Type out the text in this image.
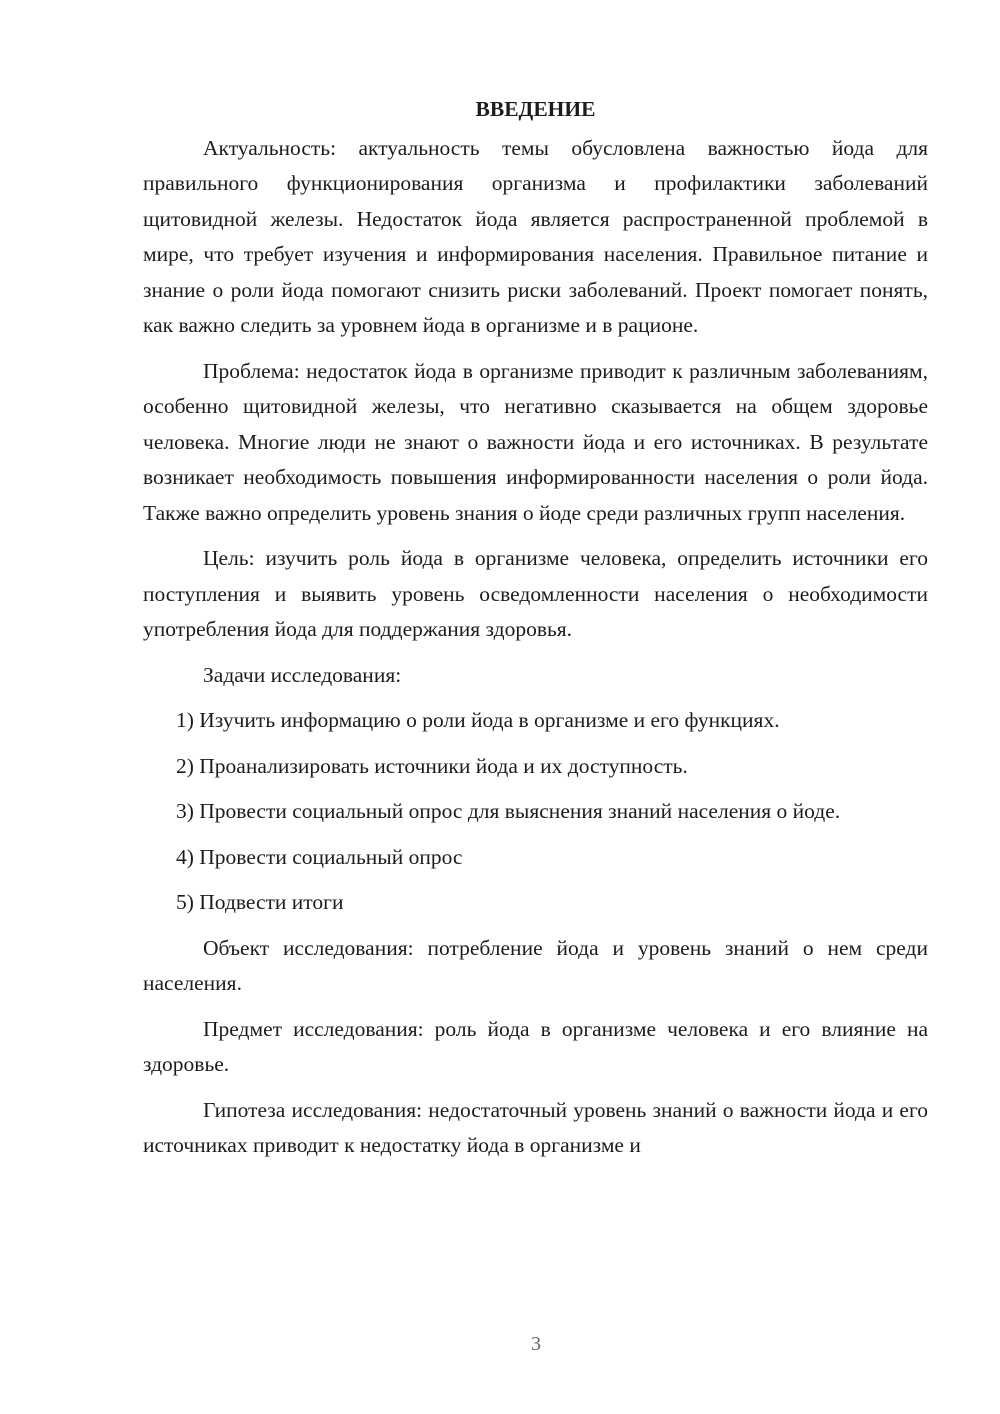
ВВЕДЕНИЕ

Актуальность: актуальность темы обусловлена важностью йода для правильного функционирования организма и профилактики заболеваний щитовидной железы. Недостаток йода является распространенной проблемой в мире, что требует изучения и информирования населения. Правильное питание и знание о роли йода помогают снизить риски заболеваний. Проект помогает понять, как важно следить за уровнем йода в организме и в рационе.

Проблема: недостаток йода в организме приводит к различным заболеваниям, особенно щитовидной железы, что негативно сказывается на общем здоровье человека. Многие люди не знают о важности йода и его источниках. В результате возникает необходимость повышения информированности населения о роли йода. Также важно определить уровень знания о йоде среди различных групп населения.

Цель: изучить роль йода в организме человека, определить источники его поступления и выявить уровень осведомленности населения о необходимости употребления йода для поддержания здоровья.

Задачи исследования:

1) Изучить информацию о роли йода в организме и его функциях.

2) Проанализировать источники йода и их доступность.

3) Провести социальный опрос для выяснения знаний населения о йоде.

4) Провести социальный опрос

5) Подвести итоги

Объект исследования: потребление йода и уровень знаний о нем среди населения.

Предмет исследования: роль йода в организме человека и его влияние на здоровье.

Гипотеза исследования: недостаточный уровень знаний о важности йода и его источниках приводит к недостатку йода в организме и

3
